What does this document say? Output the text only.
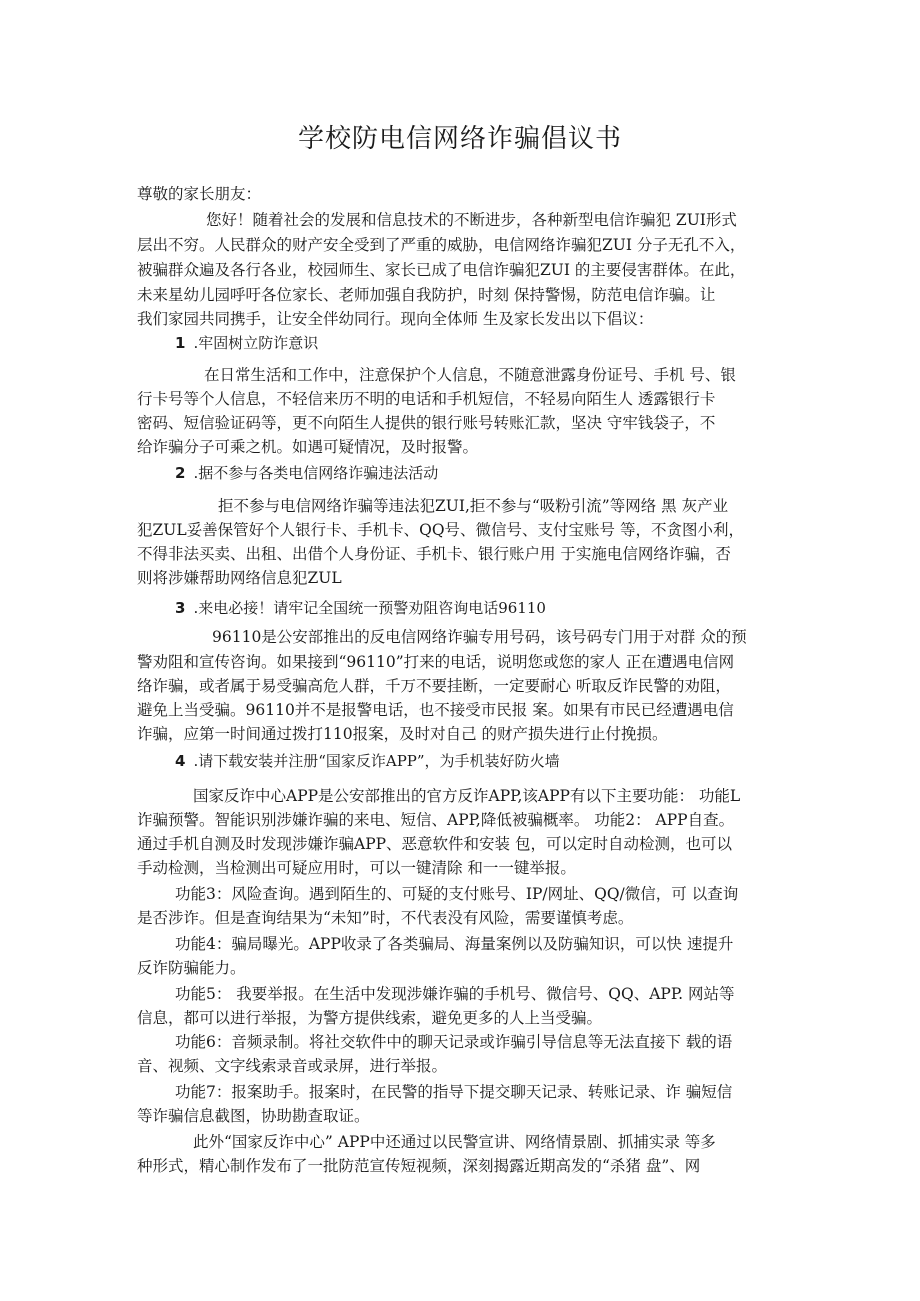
学校防电信网络诈骗倡议书
尊敬的家长朋友：
您好！随着社会的发展和信息技术的不断进步，各种新型电信诈骗犯 ZUI形式
层出不穷。人民群众的财产安全受到了严重的威胁，电信网络诈骗犯ZUI 分子无孔不入，
被骗群众遍及各行各业，校园师生、家长已成了电信诈骗犯ZUI 的主要侵害群体。在此，
未来星幼儿园呼吁各位家长、老师加强自我防护，时刻 保持警惕，防范电信诈骗。让
我们家园共同携手，让安全伴幼同行。现向全体师 生及家长发出以下倡议：
1 .牢固树立防诈意识
在日常生活和工作中，注意保护个人信息，不随意泄露身份证号、手机 号、银
行卡号等个人信息，不轻信来历不明的电话和手机短信，不轻易向陌生人 透露银行卡
密码、短信验证码等，更不向陌生人提供的银行账号转账汇款，坚决 守牢钱袋子，不
给诈骗分子可乘之机。如遇可疑情况，及时报警。
2 .据不参与各类电信网络诈骗违法活动
拒不参与电信网络诈骗等违法犯ZUI,拒不参与“吸粉引流”等网络 黑 灰产业
犯ZUL妥善保管好个人银行卡、手机卡、QQ号、微信号、支付宝账号 等，不贪图小利，
不得非法买卖、出租、出借个人身份证、手机卡、银行账户用 于实施电信网络诈骗，否
则将涉嫌帮助网络信息犯ZUL
3 .来电必接！请牢记全国统一预警劝阻咨询电话96110
96110是公安部推出的反电信网络诈骗专用号码，该号码专门用于对群 众的预
警劝阻和宣传咨询。如果接到“96110”打来的电话，说明您或您的家人 正在遭遇电信网
络诈骗，或者属于易受骗高危人群，千万不要挂断，一定要耐心 听取反诈民警的劝阻，
避免上当受骗。96110并不是报警电话，也不接受市民报 案。如果有市民已经遭遇电信
诈骗，应第一时间通过拨打110报案，及时对自己 的财产损失进行止付挽损。
4 .请下载安装并注册“国家反诈APP”，为手机装好防火墙
国家反诈中心APP是公安部推出的官方反诈APP,该APP有以下主要功能： 功能L
诈骗预警。智能识别涉嫌诈骗的来电、短信、APP,降低被骗概率。 功能2： APP自查。
通过手机自测及时发现涉嫌诈骗APP、恶意软件和安装 包，可以定时自动检测，也可以
手动检测，当检测出可疑应用时，可以一键清除 和一一键举报。
功能3：风险查询。遇到陌生的、可疑的支付账号、IP/网址、QQ/微信，可 以查询
是否涉诈。但是查询结果为“未知”时，不代表没有风险，需要谨慎考虑。
功能4：骗局曝光。APP收录了各类骗局、海量案例以及防骗知识，可以快 速提升
反诈防骗能力。
功能5： 我要举报。在生活中发现涉嫌诈骗的手机号、微信号、QQ、APP. 网站等
信息，都可以进行举报，为警方提供线索，避免更多的人上当受骗。
功能6：音频录制。将社交软件中的聊天记录或诈骗引导信息等无法直接下 载的语
音、视频、文字线索录音或录屏，进行举报。
功能7：报案助手。报案时，在民警的指导下提交聊天记录、转账记录、诈 骗短信
等诈骗信息截图，协助勘查取证。
此外“国家反诈中心” APP中还通过以民警宣讲、网络情景剧、抓捕实录 等多
种形式，精心制作发布了一批防范宣传短视频，深刻揭露近期高发的“杀猪 盘”、网
